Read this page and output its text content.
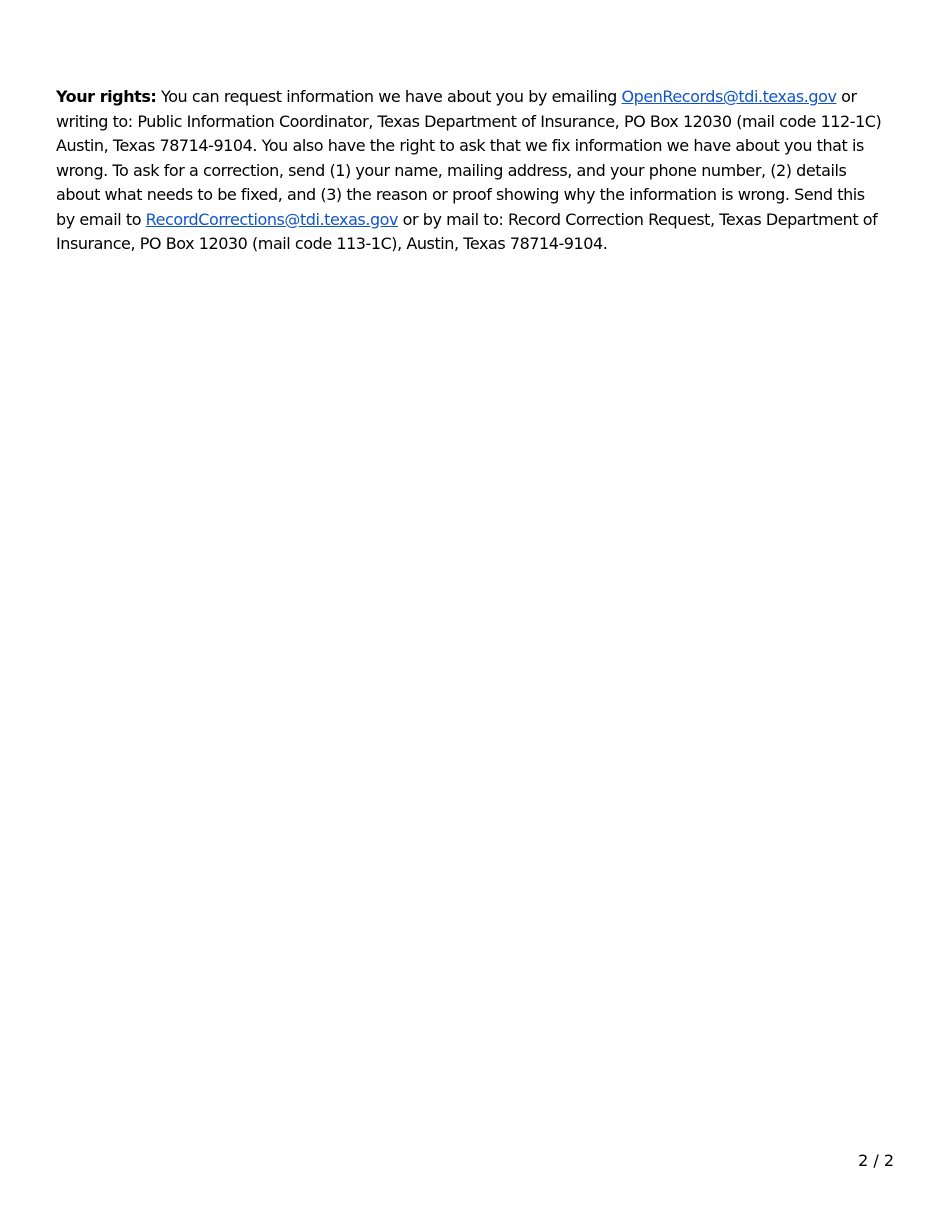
Your rights: You can request information we have about you by emailing OpenRecords@tdi.texas.gov or writing to: Public Information Coordinator, Texas Department of Insurance, PO Box 12030 (mail code 112-1C) Austin, Texas 78714-9104. You also have the right to ask that we fix information we have about you that is wrong. To ask for a correction, send (1) your name, mailing address, and your phone number, (2) details about what needs to be fixed, and (3) the reason or proof showing why the information is wrong. Send this by email to RecordCorrections@tdi.texas.gov or by mail to: Record Correction Request, Texas Department of Insurance, PO Box 12030 (mail code 113-1C), Austin, Texas 78714-9104.

2 / 2
